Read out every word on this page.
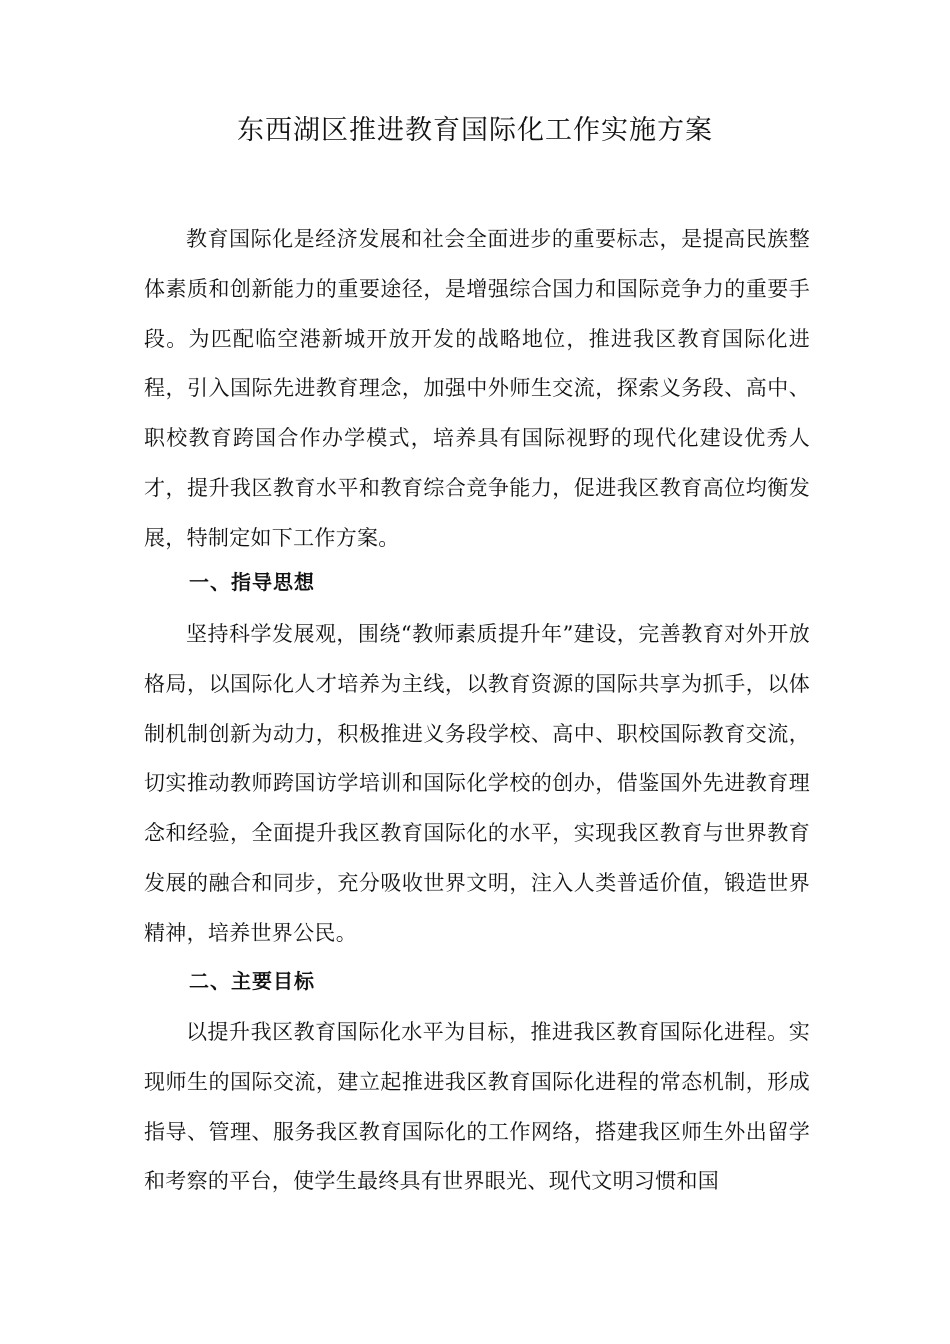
东西湖区推进教育国际化工作实施方案

教育国际化是经济发展和社会全面进步的重要标志，是提高民族整体素质和创新能力的重要途径，是增强综合国力和国际竞争力的重要手段。为匹配临空港新城开放开发的战略地位，推进我区教育国际化进程，引入国际先进教育理念，加强中外师生交流，探索义务段、高中、职校教育跨国合作办学模式，培养具有国际视野的现代化建设优秀人才，提升我区教育水平和教育综合竞争能力，促进我区教育高位均衡发展，特制定如下工作方案。

一、指导思想

坚持科学发展观，围绕“教师素质提升年”建设，完善教育对外开放格局，以国际化人才培养为主线，以教育资源的国际共享为抓手，以体制机制创新为动力，积极推进义务段学校、高中、职校国际教育交流，切实推动教师跨国访学培训和国际化学校的创办，借鉴国外先进教育理念和经验，全面提升我区教育国际化的水平，实现我区教育与世界教育发展的融合和同步，充分吸收世界文明，注入人类普适价值，锻造世界精神，培养世界公民。

二、主要目标

以提升我区教育国际化水平为目标，推进我区教育国际化进程。实现师生的国际交流，建立起推进我区教育国际化进程的常态机制，形成指导、管理、服务我区教育国际化的工作网络，搭建我区师生外出留学和考察的平台，使学生最终具有世界眼光、现代文明习惯和国
